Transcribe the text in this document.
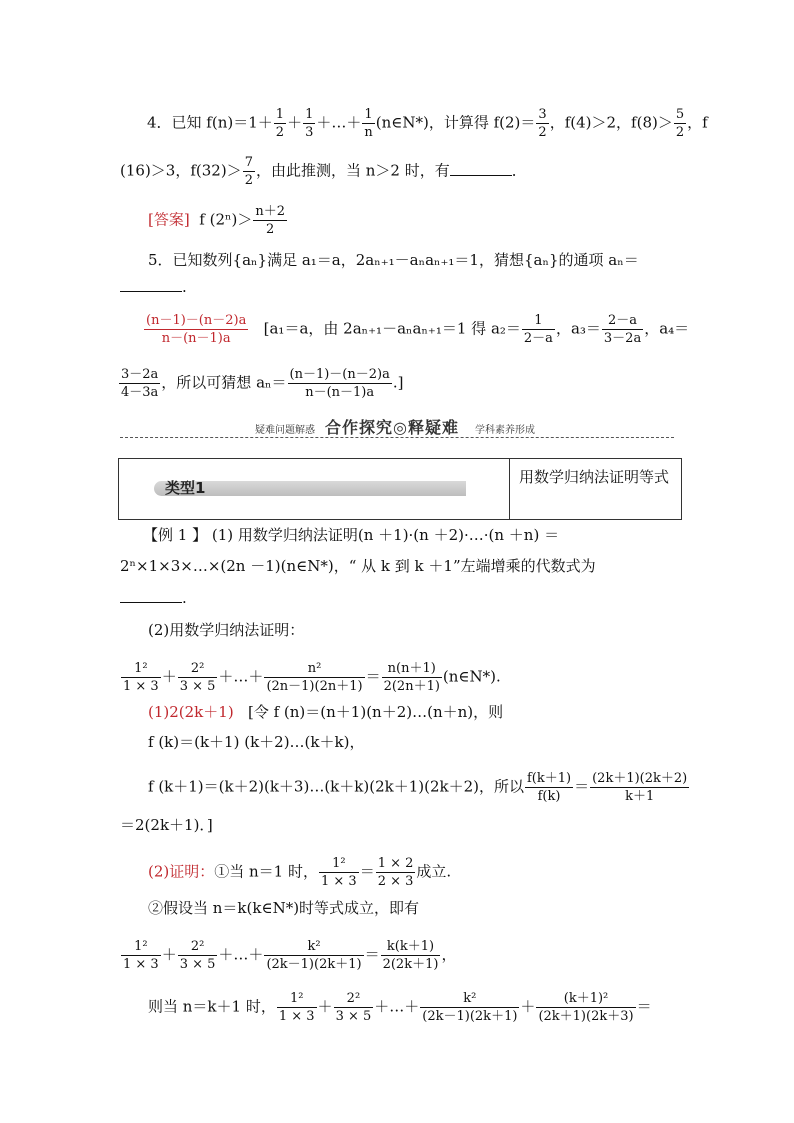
4．已知 $f(n)=1+ \frac{1}{2} + \frac{1}{3}$ ＋…＋ $\frac{1}{n}$ (n∈N*)，计算得 $f(2)= \frac{3}{2}$ ，f(4)＞2，$f(8)> \frac{5}{2}$ ，f
(16)＞3，$f(32)> \frac{7}{2}$ ，由此推测，当 n＞2 时，有	．
[答案] f $(2^n)> \frac{n+2}{2}$
5．已知数列{aₙ}满足 a₁＝a，2aₙ₊₁－aₙaₙ₊₁＝1，猜想{aₙ}的通项 aₙ＝
.
$\frac{(n-1)-(n-2)a}{n-(n-1)a} [a_1=a$，由 2aₙ₊₁－aₙaₙ₊₁＝1 得 $a_2= \frac{1}{2-a}$ ，$a_3= \frac{2-a}{3-2a}$ ，a₄＝
$\frac{3-2a}{4-3a}$ ，所以可猜想 $a_n= \frac{(n-1)-(n-2)a}{n-(n-1)a}$ .]
疑难问题解惑 合作探究◎释疑难 学科素养形成
类型1
用数学归纳法证明等式
【例 1 】 (1) 用数学归纳法证明(n ＋1)·(n ＋2)·…·(n ＋n) ＝
2ⁿ×1×3×…×(2n －1)(n∈N*)，“ 从 k 到 k ＋1”左端增乘的代数式为
.
(2)用数学归纳法证明：
$\frac{\text{1²}}{1 \times 3} + \frac{\text{2²}}{3 \times 5}$ ＋…＋ $\frac{\text{n²}}{(2n-1)(2n+1)} = \frac{n(n+1)}{2(2n+1)}$ (n∈N*).
(1)2(2k＋1) [令 f (n)＝(n＋1)(n＋2)…(n＋n)，则
f (k)＝(k＋1) (k＋2)…(k＋k)，
f (k＋1)＝(k＋2)(k＋3)…(k＋k)(2k＋1)(2k＋2)，所以 $\frac{f(k+1)}{f(k)} = \frac{(2k+1)(2k+2)}{k+1}$
＝2(2k＋1)．]
(2)证明：①当 n＝1 时， $\frac{\text{1²}}{1 \times 3} = \frac{1 \times 2}{2 \times 3}$ 成立.
②假设当 n＝k(k∈N*)时等式成立，即有
$\frac{\text{1²}}{1 \times 3} + \frac{\text{2²}}{3 \times 5}$ ＋…＋ $\frac{\text{k²}}{(2k-1)(2k+1)} = \frac{k(k+1)}{2(2k+1)}$ ，
则当 n＝k＋1 时， $\frac{\text{1²}}{1 \times 3} + \frac{\text{2²}}{3 \times 5}$ ＋…＋ $\frac{\text{k²}}{(2k-1)(2k+1)} + \frac{\text{(k＋1)²}}{(2k+1)(2k+3)}$ ＝
